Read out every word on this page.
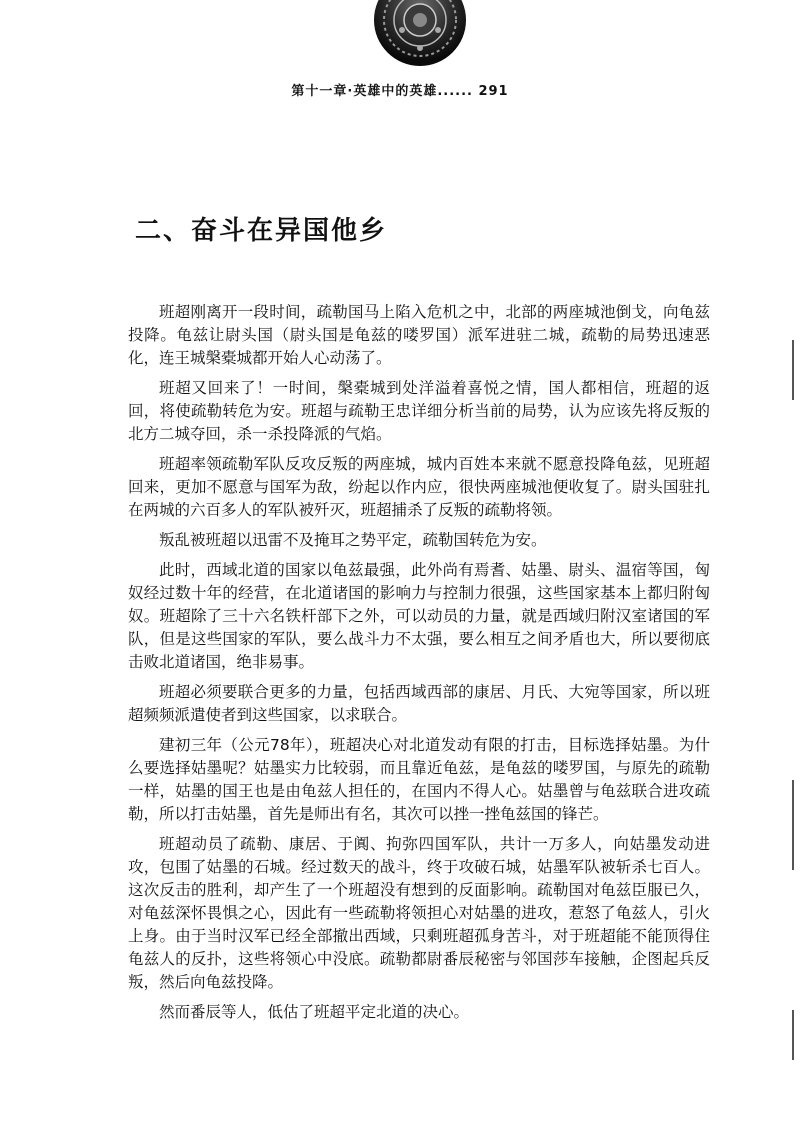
第十一章·英雄中的英雄...... 291
二、奋斗在异国他乡

班超刚离开一段时间，疏勒国马上陷入危机之中，北部的两座城池倒戈，向龟兹投降。龟兹让尉头国（尉头国是龟兹的喽罗国）派军进驻二城，疏勒的局势迅速恶化，连王城槃橐城都开始人心动荡了。

班超又回来了！一时间，槃橐城到处洋溢着喜悦之情，国人都相信，班超的返回，将使疏勒转危为安。班超与疏勒王忠详细分析当前的局势，认为应该先将反叛的北方二城夺回，杀一杀投降派的气焰。

班超率领疏勒军队反攻反叛的两座城，城内百姓本来就不愿意投降龟兹，见班超回来，更加不愿意与国军为敌，纷起以作内应，很快两座城池便收复了。尉头国驻扎在两城的六百多人的军队被歼灭，班超捕杀了反叛的疏勒将领。

叛乱被班超以迅雷不及掩耳之势平定，疏勒国转危为安。

此时，西域北道的国家以龟兹最强，此外尚有焉耆、姑墨、尉头、温宿等国，匈奴经过数十年的经营，在北道诸国的影响力与控制力很强，这些国家基本上都归附匈奴。班超除了三十六名铁杆部下之外，可以动员的力量，就是西域归附汉室诸国的军队，但是这些国家的军队，要么战斗力不太强，要么相互之间矛盾也大，所以要彻底击败北道诸国，绝非易事。

班超必须要联合更多的力量，包括西域西部的康居、月氏、大宛等国家，所以班超频频派遣使者到这些国家，以求联合。

建初三年（公元78年），班超决心对北道发动有限的打击，目标选择姑墨。为什么要选择姑墨呢？姑墨实力比较弱，而且靠近龟兹，是龟兹的喽罗国，与原先的疏勒一样，姑墨的国王也是由龟兹人担任的，在国内不得人心。姑墨曾与龟兹联合进攻疏勒，所以打击姑墨，首先是师出有名，其次可以挫一挫龟兹国的锋芒。

班超动员了疏勒、康居、于阗、拘弥四国军队，共计一万多人，向姑墨发动进攻，包围了姑墨的石城。经过数天的战斗，终于攻破石城，姑墨军队被斩杀七百人。这次反击的胜利，却产生了一个班超没有想到的反面影响。疏勒国对龟兹臣服已久，对龟兹深怀畏惧之心，因此有一些疏勒将领担心对姑墨的进攻，惹怒了龟兹人，引火上身。由于当时汉军已经全部撤出西域，只剩班超孤身苦斗，对于班超能不能顶得住龟兹人的反扑，这些将领心中没底。疏勒都尉番辰秘密与邻国莎车接触，企图起兵反叛，然后向龟兹投降。

然而番辰等人，低估了班超平定北道的决心。
